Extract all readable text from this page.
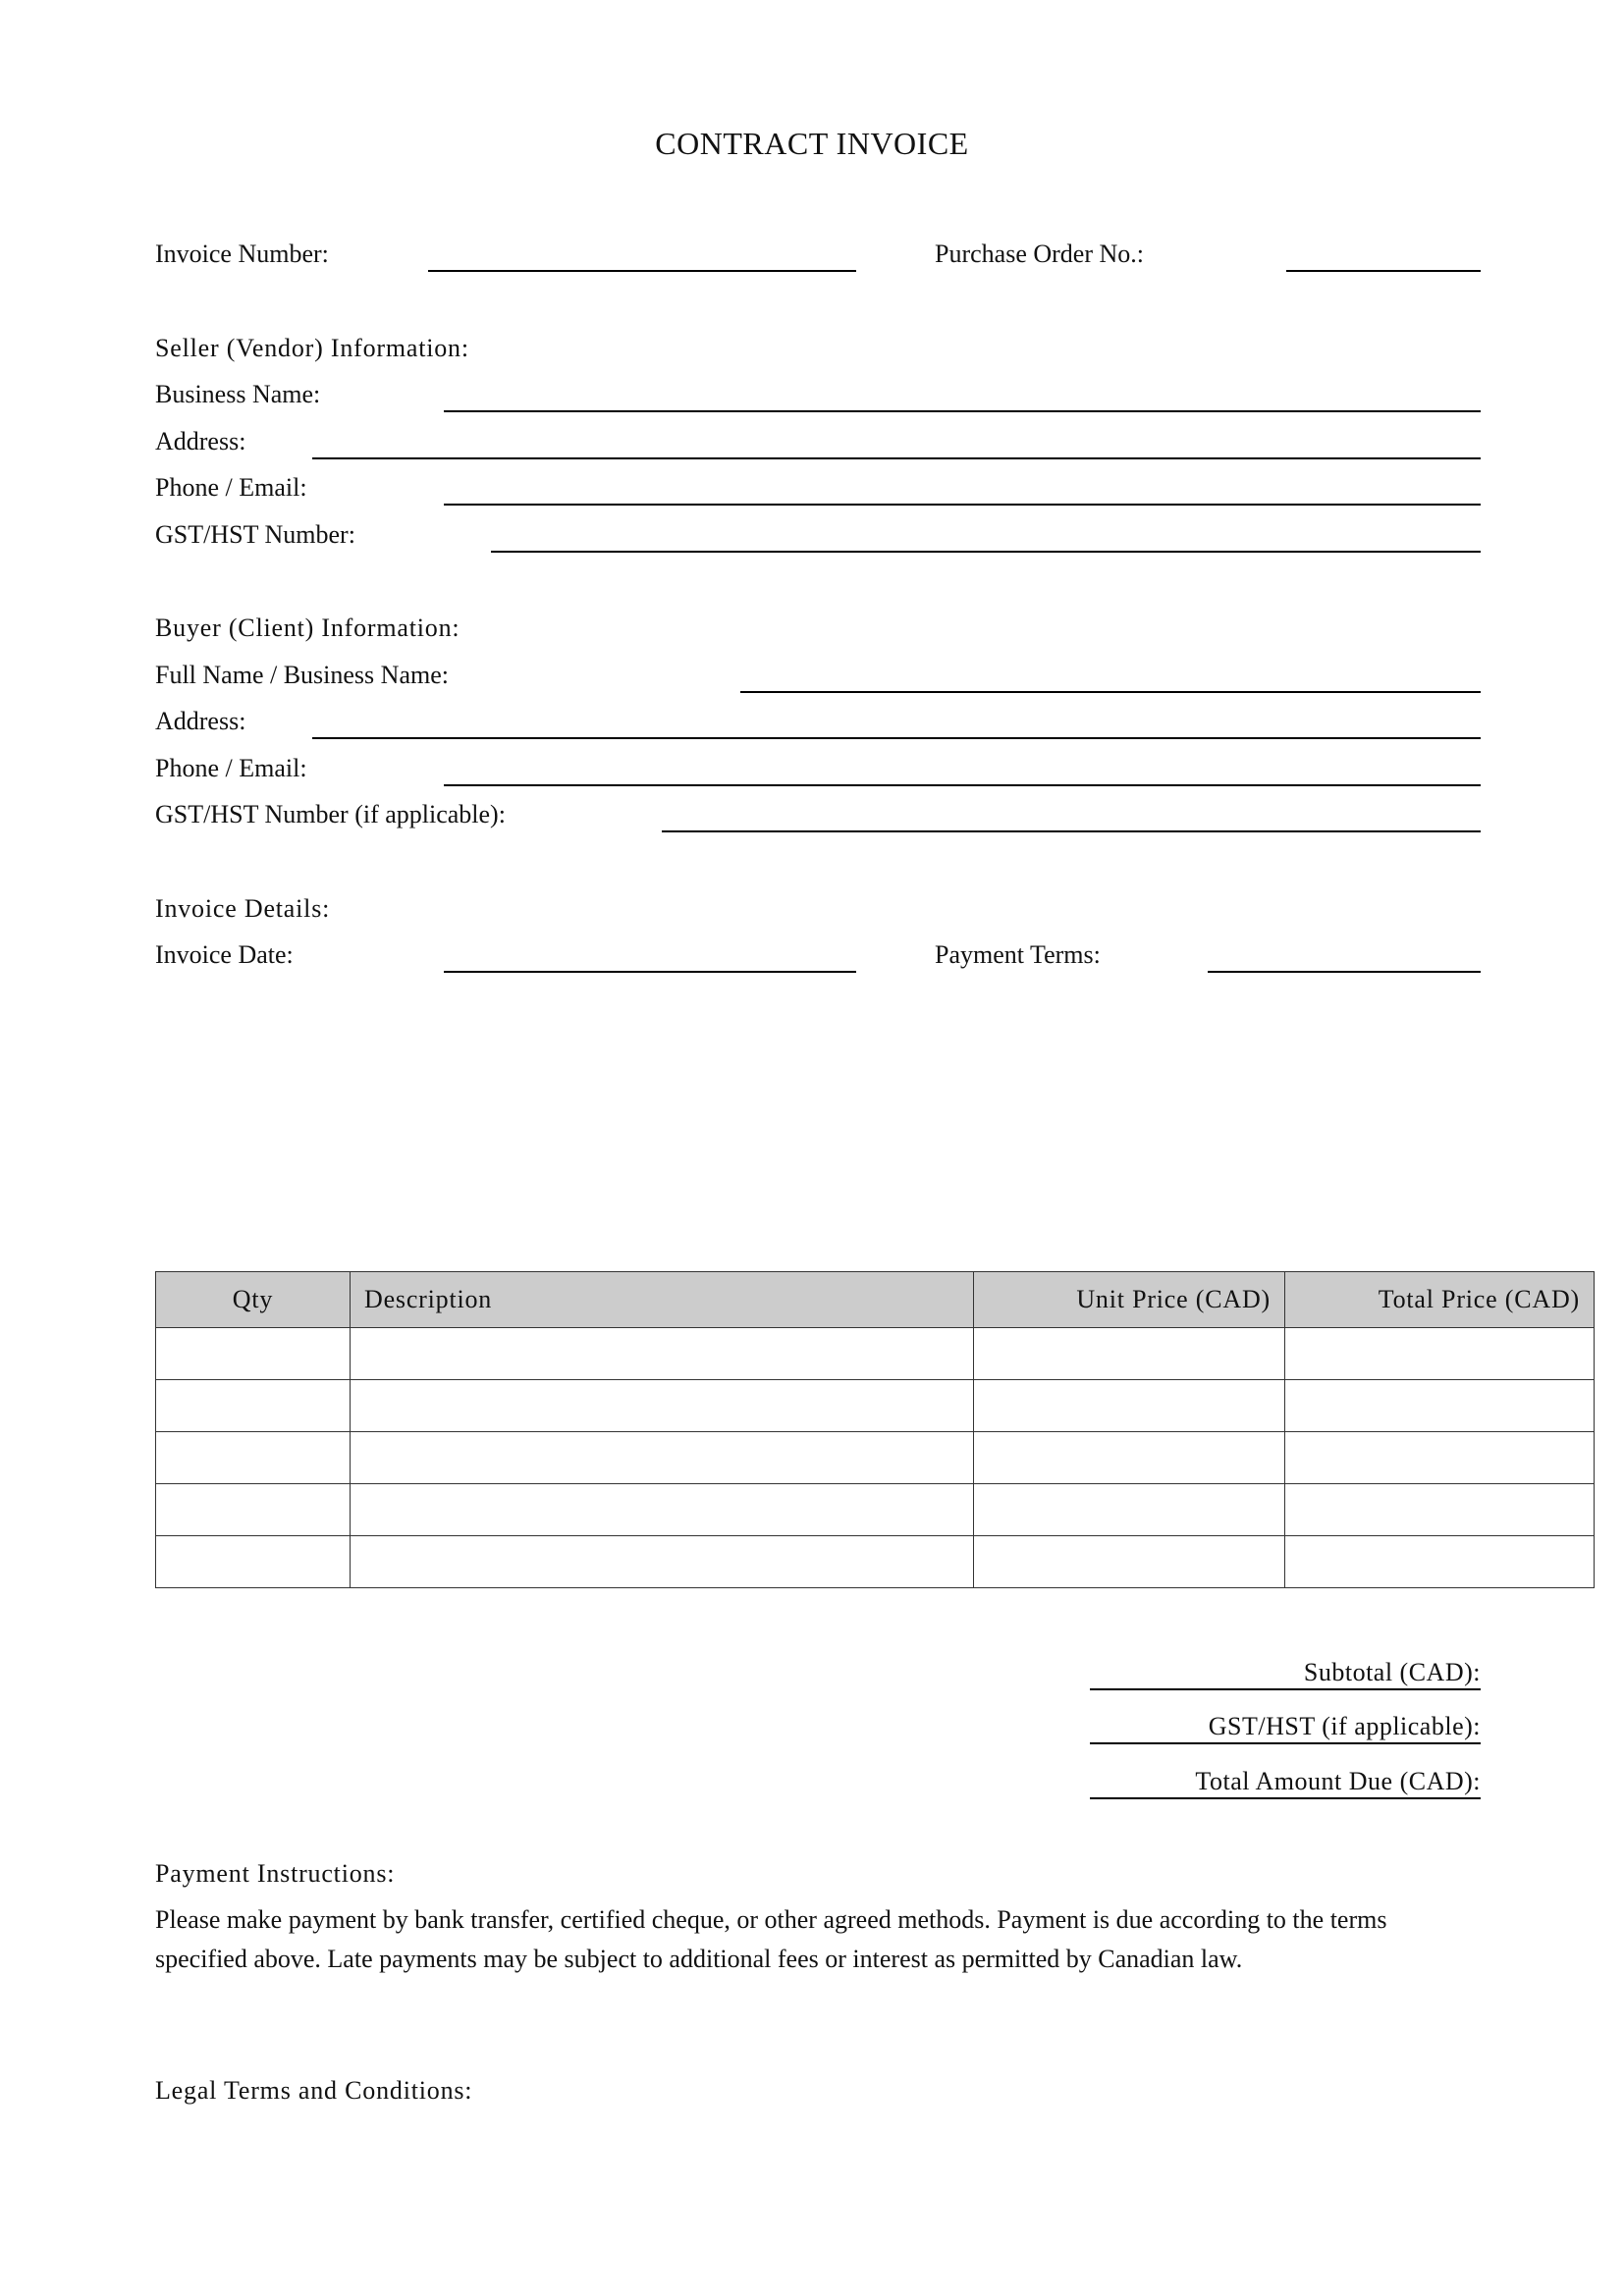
CONTRACT INVOICE
Invoice Number:	Purchase Order No.:
Seller (Vendor) Information:
Business Name:
Address:
Phone / Email:
GST/HST Number:
Buyer (Client) Information:
Full Name / Business Name:
Address:
Phone / Email:
GST/HST Number (if applicable):
Invoice Details:
Invoice Date:	Payment Terms:
Qty	Description	Unit Price (CAD)	Total Price (CAD)

Subtotal (CAD):
GST/HST (if applicable):
Total Amount Due (CAD):
Payment Instructions:
Please make payment by bank transfer, certified cheque, or other agreed methods. Payment is due according to the terms specified above. Late payments may be subject to additional fees or interest as permitted by Canadian law.
Legal Terms and Conditions:
